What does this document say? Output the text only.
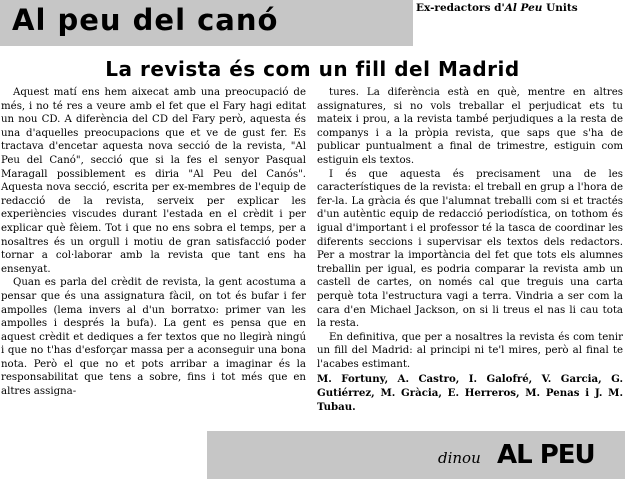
Al peu del canó	Ex-redactors d'Al Peu Units
La revista és com un fill del Madrid

Aquest matí ens hem aixecat amb una preocupació de més, i no té res a veure amb el fet que el Fary hagi editat un nou CD. A diferència del CD del Fary però, aquesta és una d'aquelles preocupacions que et ve de gust fer. Es tractava d'encetar aquesta nova secció de la revista, "Al Peu del Canó", secció que si la fes el senyor Pasqual Maragall possiblement es diria "Al Peu del Canós". Aquesta nova secció, escrita per ex-membres de l'equip de redacció de la revista, serveix per explicar les experiències viscudes durant l'estada en el crèdit i per explicar què fèiem. Tot i que no ens sobra el temps, per a nosaltres és un orgull i motiu de gran satisfacció poder tornar a col·laborar amb la revista que tant ens ha ensenyat.

Quan es parla del crèdit de revista, la gent acostuma a pensar que és una assignatura fàcil, on tot és bufar i fer ampolles (lema invers al d'un borratxo: primer van les ampolles i després la bufa). La gent es pensa que en aquest crèdit et dediques a fer textos que no llegirà ningú i que no t'has d'esforçar massa per a aconseguir una bona nota. Però el que no et pots arribar a imaginar és la responsabilitat que tens a sobre, fins i tot més que en altres assigna-

tures. La diferència està en què, mentre en altres assignatures, si no vols treballar el perjudicat ets tu mateix i prou, a la revista també perjudiques a la resta de companys i a la pròpia revista, que saps que s'ha de publicar puntualment a final de trimestre, estiguin com estiguin els textos.

I és que aquesta és precisament una de les característiques de la revista: el treball en grup a l'hora de fer-la. La gràcia és que l'alumnat treballi com si et tractés d'un autèntic equip de redacció periodística, on tothom és igual d'important i el professor té la tasca de coordinar les diferents seccions i supervisar els textos dels redactors. Per a mostrar la importància del fet que tots els alumnes treballin per igual, es podria comparar la revista amb un castell de cartes, on només cal que treguis una carta perquè tota l'estructura vagi a terra. Vindria a ser com la cara d'en Michael Jackson, on si li treus el nas li cau tota la resta.

En definitiva, que per a nosaltres la revista és com tenir un fill del Madrid: al principi ni te'l mires, però al final te l'acabes estimant.

M. Fortuny, A. Castro, I. Galofré, V. Garcia, G. Gutiérrez, M. Gràcia, E. Herreros, M. Penas i J. M. Tubau.

dinou AL PEU
